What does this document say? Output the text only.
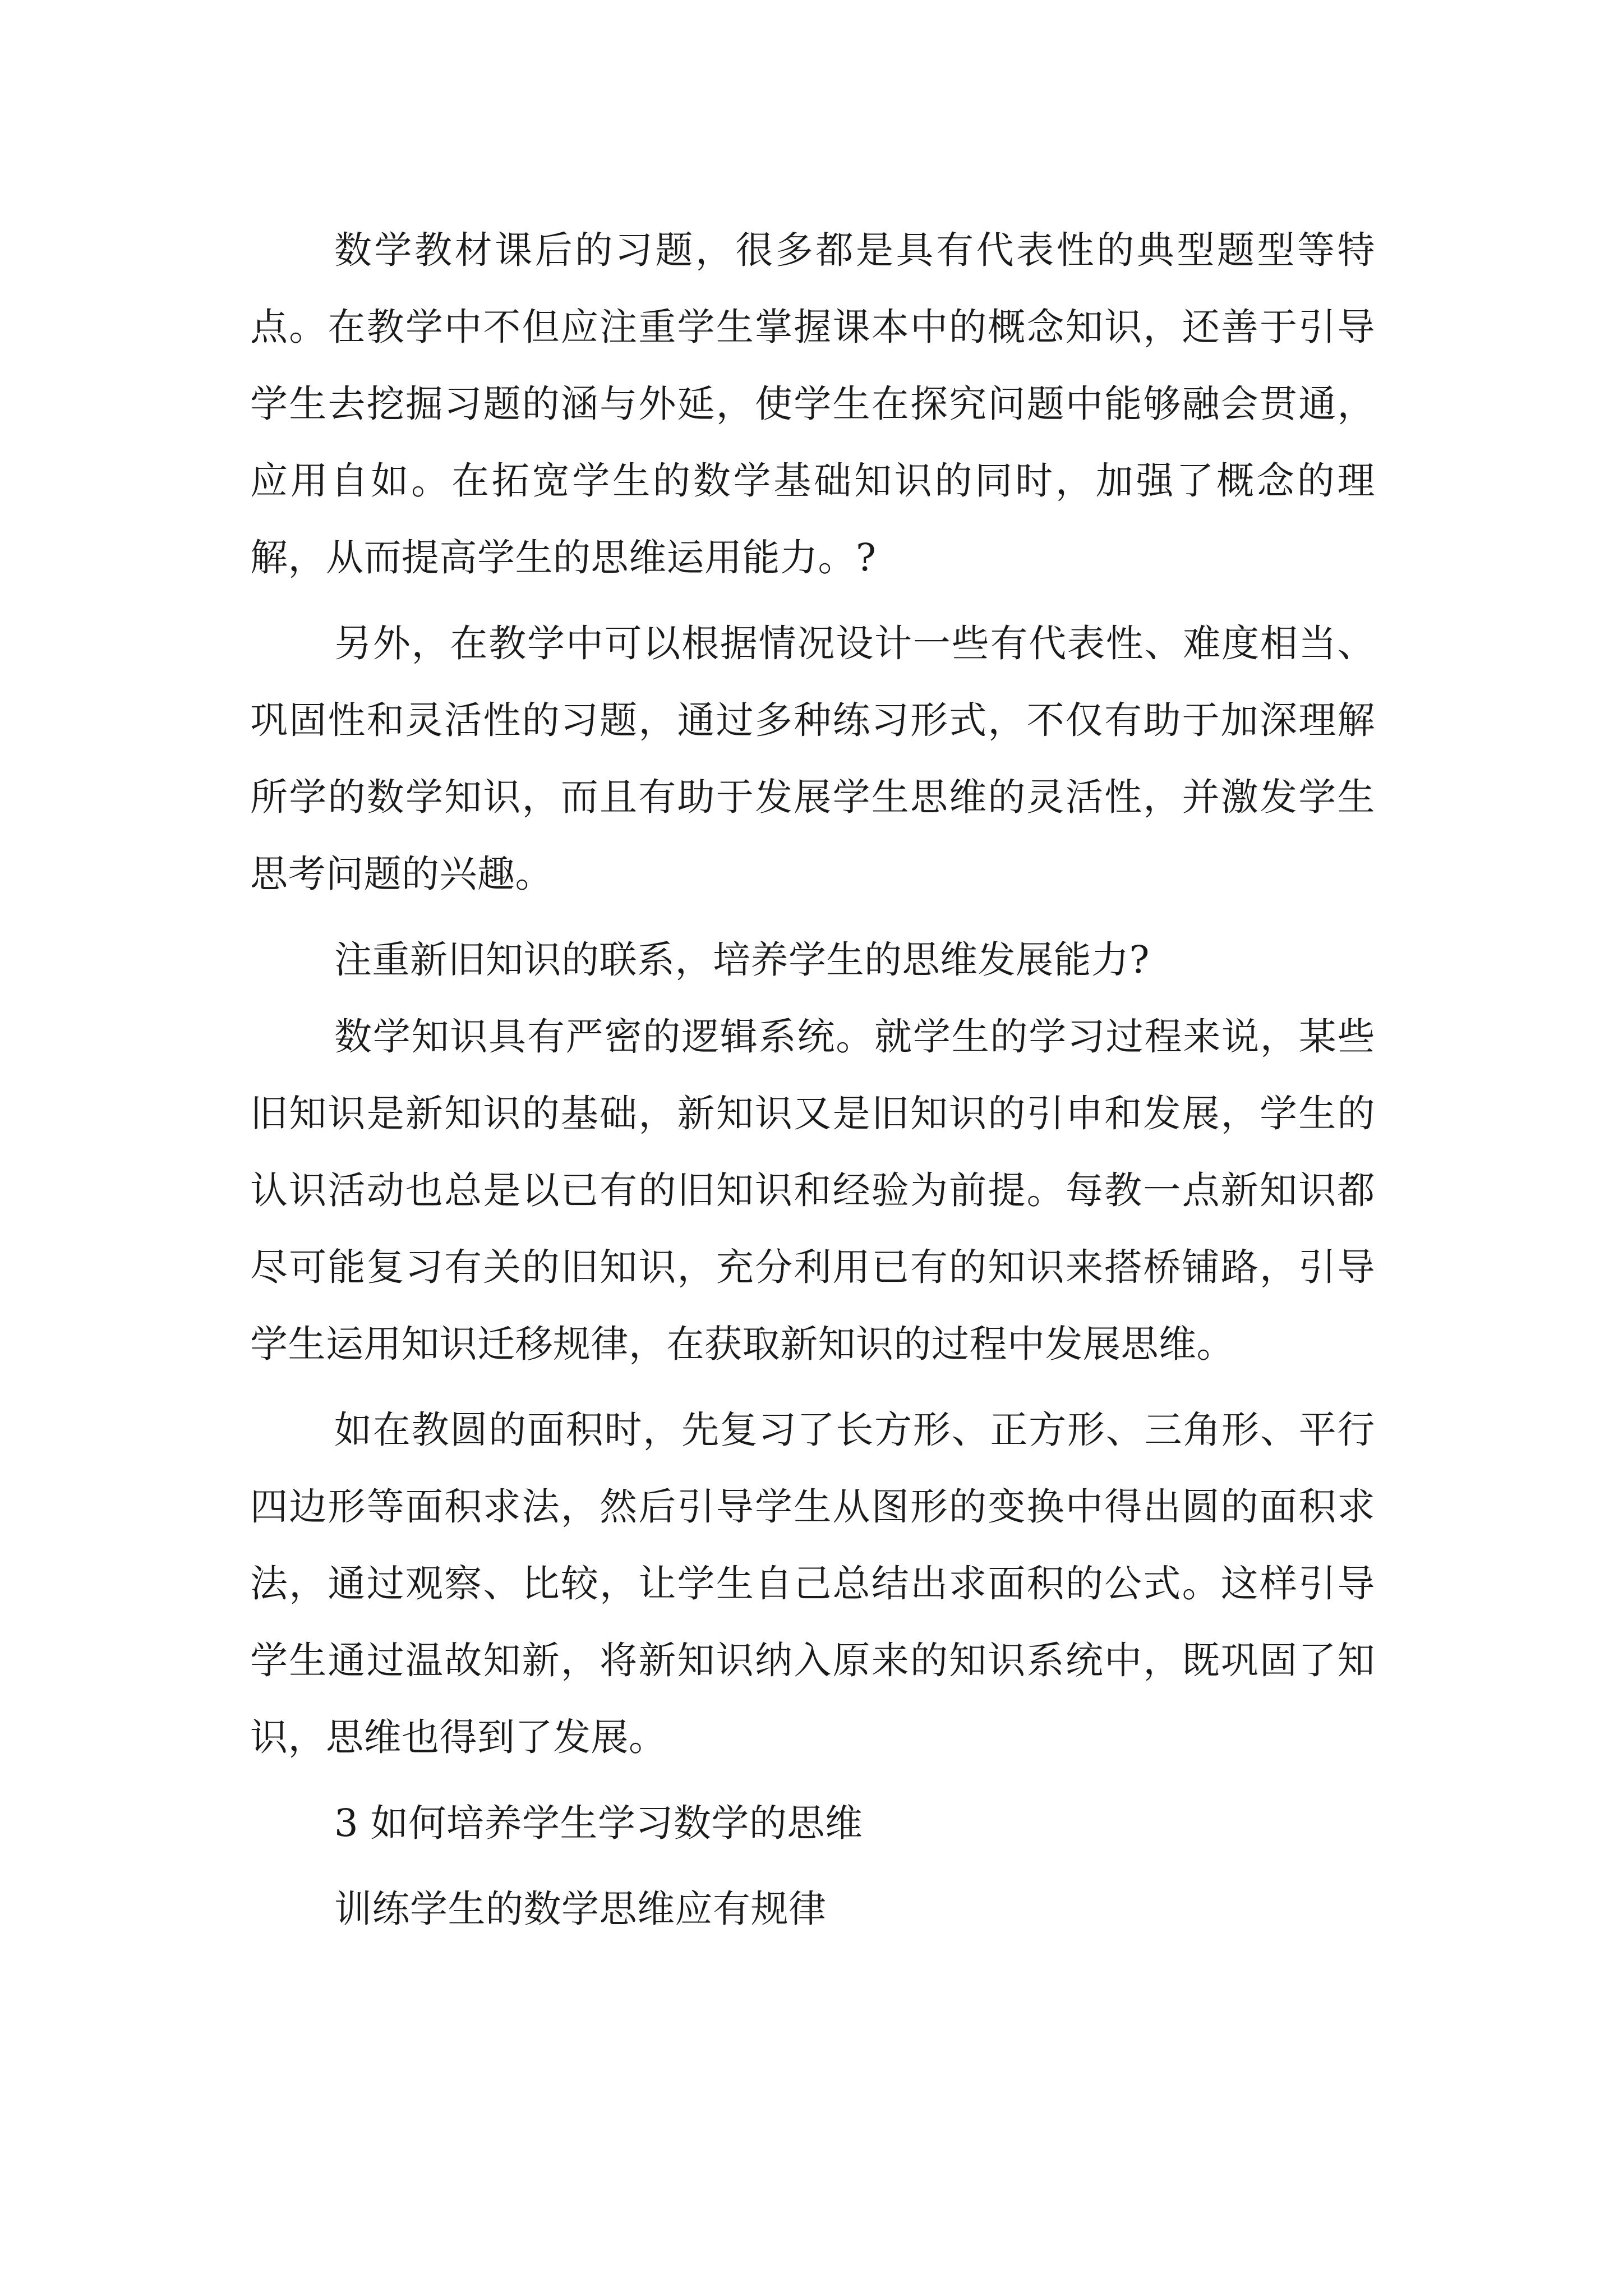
数学教材课后的习题，很多都是具有代表性的典型题型等特点。在教学中不但应注重学生掌握课本中的概念知识，还善于引导学生去挖掘习题的涵与外延，使学生在探究问题中能够融会贯通，应用自如。在拓宽学生的数学基础知识的同时，加强了概念的理解，从而提高学生的思维运用能力。?

另外，在教学中可以根据情况设计一些有代表性、难度相当、巩固性和灵活性的习题，通过多种练习形式，不仅有助于加深理解所学的数学知识，而且有助于发展学生思维的灵活性，并激发学生思考问题的兴趣。

注重新旧知识的联系，培养学生的思维发展能力?

数学知识具有严密的逻辑系统。就学生的学习过程来说，某些旧知识是新知识的基础，新知识又是旧知识的引申和发展，学生的认识活动也总是以已有的旧知识和经验为前提。每教一点新知识都尽可能复习有关的旧知识，充分利用已有的知识来搭桥铺路，引导学生运用知识迁移规律，在获取新知识的过程中发展思维。

如在教圆的面积时，先复习了长方形、正方形、三角形、平行四边形等面积求法，然后引导学生从图形的变换中得出圆的面积求法，通过观察、比较，让学生自己总结出求面积的公式。这样引导学生通过温故知新，将新知识纳入原来的知识系统中，既巩固了知识，思维也得到了发展。

3 如何培养学生学习数学的思维

训练学生的数学思维应有规律
